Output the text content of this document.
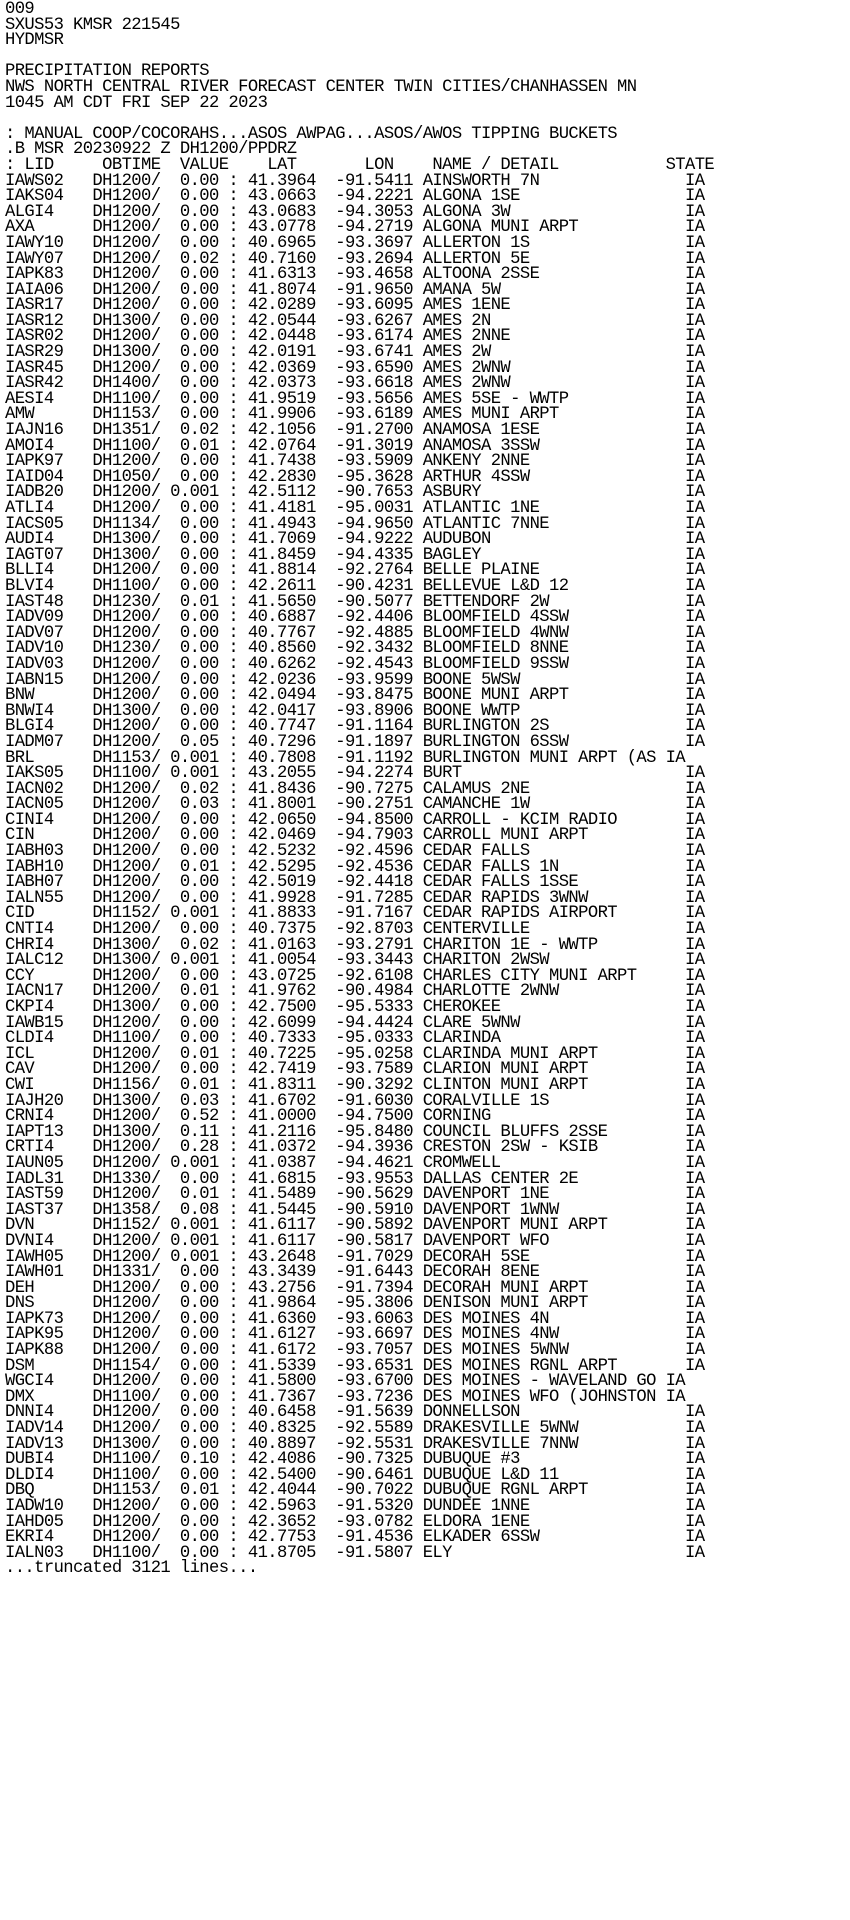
009
SXUS53 KMSR 221545
HYDMSR
PRECIPITATION REPORTS
NWS NORTH CENTRAL RIVER FORECAST CENTER TWIN CITIES/CHANHASSEN MN
1045 AM CDT FRI SEP 22 2023
: MANUAL COOP/COCORAHS...ASOS AWPAG...ASOS/AWOS TIPPING BUCKETS
.B MSR 20230922 Z DH1200/PPDRZ
: LID     OBTIME  VALUE    LAT       LON    NAME / DETAIL           STATE
IAWS02   DH1200/  0.00 : 41.3964  -91.5411 AINSWORTH 7N               IA
IAKS04   DH1200/  0.00 : 43.0663  -94.2221 ALGONA 1SE                 IA
ALGI4    DH1200/  0.00 : 43.0683  -94.3053 ALGONA 3W                  IA
AXA      DH1200/  0.00 : 43.0778  -94.2719 ALGONA MUNI ARPT           IA
IAWY10   DH1200/  0.00 : 40.6965  -93.3697 ALLERTON 1S                IA
IAWY07   DH1200/  0.02 : 40.7160  -93.2694 ALLERTON 5E                IA
IAPK83   DH1200/  0.00 : 41.6313  -93.4658 ALTOONA 2SSE               IA
IAIA06   DH1200/  0.00 : 41.8074  -91.9650 AMANA 5W                   IA
IASR17   DH1200/  0.00 : 42.0289  -93.6095 AMES 1ENE                  IA
IASR12   DH1300/  0.00 : 42.0544  -93.6267 AMES 2N                    IA
IASR02   DH1200/  0.00 : 42.0448  -93.6174 AMES 2NNE                  IA
IASR29   DH1300/  0.00 : 42.0191  -93.6741 AMES 2W                    IA
IASR45   DH1200/  0.00 : 42.0369  -93.6590 AMES 2WNW                  IA
IASR42   DH1400/  0.00 : 42.0373  -93.6618 AMES 2WNW                  IA
AESI4    DH1100/  0.00 : 41.9519  -93.5656 AMES 5SE - WWTP            IA
AMW      DH1153/  0.00 : 41.9906  -93.6189 AMES MUNI ARPT             IA
IAJN16   DH1351/  0.02 : 42.1056  -91.2700 ANAMOSA 1ESE               IA
AMOI4    DH1100/  0.01 : 42.0764  -91.3019 ANAMOSA 3SSW               IA
IAPK97   DH1200/  0.00 : 41.7438  -93.5909 ANKENY 2NNE                IA
IAID04   DH1050/  0.00 : 42.2830  -95.3628 ARTHUR 4SSW                IA
IADB20   DH1200/ 0.001 : 42.5112  -90.7653 ASBURY                     IA
ATLI4    DH1200/  0.00 : 41.4181  -95.0031 ATLANTIC 1NE               IA
IACS05   DH1134/  0.00 : 41.4943  -94.9650 ATLANTIC 7NNE              IA
AUDI4    DH1300/  0.00 : 41.7069  -94.9222 AUDUBON                    IA
IAGT07   DH1300/  0.00 : 41.8459  -94.4335 BAGLEY                     IA
BLLI4    DH1200/  0.00 : 41.8814  -92.2764 BELLE PLAINE               IA
BLVI4    DH1100/  0.00 : 42.2611  -90.4231 BELLEVUE L&D 12            IA
IAST48   DH1230/  0.01 : 41.5650  -90.5077 BETTENDORF 2W              IA
IADV09   DH1200/  0.00 : 40.6887  -92.4406 BLOOMFIELD 4SSW            IA
IADV07   DH1200/  0.00 : 40.7767  -92.4885 BLOOMFIELD 4WNW            IA
IADV10   DH1230/  0.00 : 40.8560  -92.3432 BLOOMFIELD 8NNE            IA
IADV03   DH1200/  0.00 : 40.6262  -92.4543 BLOOMFIELD 9SSW            IA
IABN15   DH1200/  0.00 : 42.0236  -93.9599 BOONE 5WSW                 IA
BNW      DH1200/  0.00 : 42.0494  -93.8475 BOONE MUNI ARPT            IA
BNWI4    DH1300/  0.00 : 42.0417  -93.8906 BOONE WWTP                 IA
BLGI4    DH1200/  0.00 : 40.7747  -91.1164 BURLINGTON 2S              IA
IADM07   DH1200/  0.05 : 40.7296  -91.1897 BURLINGTON 6SSW            IA
BRL      DH1153/ 0.001 : 40.7808  -91.1192 BURLINGTON MUNI ARPT (AS IA
IAKS05   DH1100/ 0.001 : 43.2055  -94.2274 BURT                       IA
IACN02   DH1200/  0.02 : 41.8436  -90.7275 CALAMUS 2NE                IA
IACN05   DH1200/  0.03 : 41.8001  -90.2751 CAMANCHE 1W                IA
CINI4    DH1200/  0.00 : 42.0650  -94.8500 CARROLL - KCIM RADIO       IA
CIN      DH1200/  0.00 : 42.0469  -94.7903 CARROLL MUNI ARPT          IA
IABH03   DH1200/  0.00 : 42.5232  -92.4596 CEDAR FALLS                IA
IABH10   DH1200/  0.01 : 42.5295  -92.4536 CEDAR FALLS 1N             IA
IABH07   DH1200/  0.00 : 42.5019  -92.4418 CEDAR FALLS 1SSE           IA
IALN55   DH1200/  0.00 : 41.9928  -91.7285 CEDAR RAPIDS 3WNW          IA
CID      DH1152/ 0.001 : 41.8833  -91.7167 CEDAR RAPIDS AIRPORT       IA
CNTI4    DH1200/  0.00 : 40.7375  -92.8703 CENTERVILLE                IA
CHRI4    DH1300/  0.02 : 41.0163  -93.2791 CHARITON 1E - WWTP         IA
IALC12   DH1300/ 0.001 : 41.0054  -93.3443 CHARITON 2WSW              IA
CCY      DH1200/  0.00 : 43.0725  -92.6108 CHARLES CITY MUNI ARPT     IA
IACN17   DH1200/  0.01 : 41.9762  -90.4984 CHARLOTTE 2WNW             IA
CKPI4    DH1300/  0.00 : 42.7500  -95.5333 CHEROKEE                   IA
IAWB15   DH1200/  0.00 : 42.6099  -94.4424 CLARE 5WNW                 IA
CLDI4    DH1100/  0.00 : 40.7333  -95.0333 CLARINDA                   IA
ICL      DH1200/  0.01 : 40.7225  -95.0258 CLARINDA MUNI ARPT         IA
CAV      DH1200/  0.00 : 42.7419  -93.7589 CLARION MUNI ARPT          IA
CWI      DH1156/  0.01 : 41.8311  -90.3292 CLINTON MUNI ARPT          IA
IAJH20   DH1300/  0.03 : 41.6702  -91.6030 CORALVILLE 1S              IA
CRNI4    DH1200/  0.52 : 41.0000  -94.7500 CORNING                    IA
IAPT13   DH1300/  0.11 : 41.2116  -95.8480 COUNCIL BLUFFS 2SSE        IA
CRTI4    DH1200/  0.28 : 41.0372  -94.3936 CRESTON 2SW - KSIB         IA
IAUN05   DH1200/ 0.001 : 41.0387  -94.4621 CROMWELL                   IA
IADL31   DH1330/  0.00 : 41.6815  -93.9553 DALLAS CENTER 2E           IA
IAST59   DH1200/  0.01 : 41.5489  -90.5629 DAVENPORT 1NE              IA
IAST37   DH1358/  0.08 : 41.5445  -90.5910 DAVENPORT 1WNW             IA
DVN      DH1152/ 0.001 : 41.6117  -90.5892 DAVENPORT MUNI ARPT        IA
DVNI4    DH1200/ 0.001 : 41.6117  -90.5817 DAVENPORT WFO              IA
IAWH05   DH1200/ 0.001 : 43.2648  -91.7029 DECORAH 5SE                IA
IAWH01   DH1331/  0.00 : 43.3439  -91.6443 DECORAH 8ENE               IA
DEH      DH1200/  0.00 : 43.2756  -91.7394 DECORAH MUNI ARPT          IA
DNS      DH1200/  0.00 : 41.9864  -95.3806 DENISON MUNI ARPT          IA
IAPK73   DH1200/  0.00 : 41.6360  -93.6063 DES MOINES 4N              IA
IAPK95   DH1200/  0.00 : 41.6127  -93.6697 DES MOINES 4NW             IA
IAPK88   DH1200/  0.00 : 41.6172  -93.7057 DES MOINES 5WNW            IA
DSM      DH1154/  0.00 : 41.5339  -93.6531 DES MOINES RGNL ARPT       IA
WGCI4    DH1200/  0.00 : 41.5800  -93.6700 DES MOINES - WAVELAND GO IA
DMX      DH1100/  0.00 : 41.7367  -93.7236 DES MOINES WFO (JOHNSTON IA
DNNI4    DH1200/  0.00 : 40.6458  -91.5639 DONNELLSON                 IA
IADV14   DH1200/  0.00 : 40.8325  -92.5589 DRAKESVILLE 5WNW           IA
IADV13   DH1300/  0.00 : 40.8897  -92.5531 DRAKESVILLE 7NNW           IA
DUBI4    DH1100/  0.10 : 42.4086  -90.7325 DUBUQUE #3                 IA
DLDI4    DH1100/  0.00 : 42.5400  -90.6461 DUBUQUE L&D 11             IA
DBQ      DH1153/  0.01 : 42.4044  -90.7022 DUBUQUE RGNL ARPT          IA
IADW10   DH1200/  0.00 : 42.5963  -91.5320 DUNDEE 1NNE                IA
IAHD05   DH1200/  0.00 : 42.3652  -93.0782 ELDORA 1ENE                IA
EKRI4    DH1200/  0.00 : 42.7753  -91.4536 ELKADER 6SSW               IA
IALN03   DH1100/  0.00 : 41.8705  -91.5807 ELY                        IA
...truncated 3121 lines...
